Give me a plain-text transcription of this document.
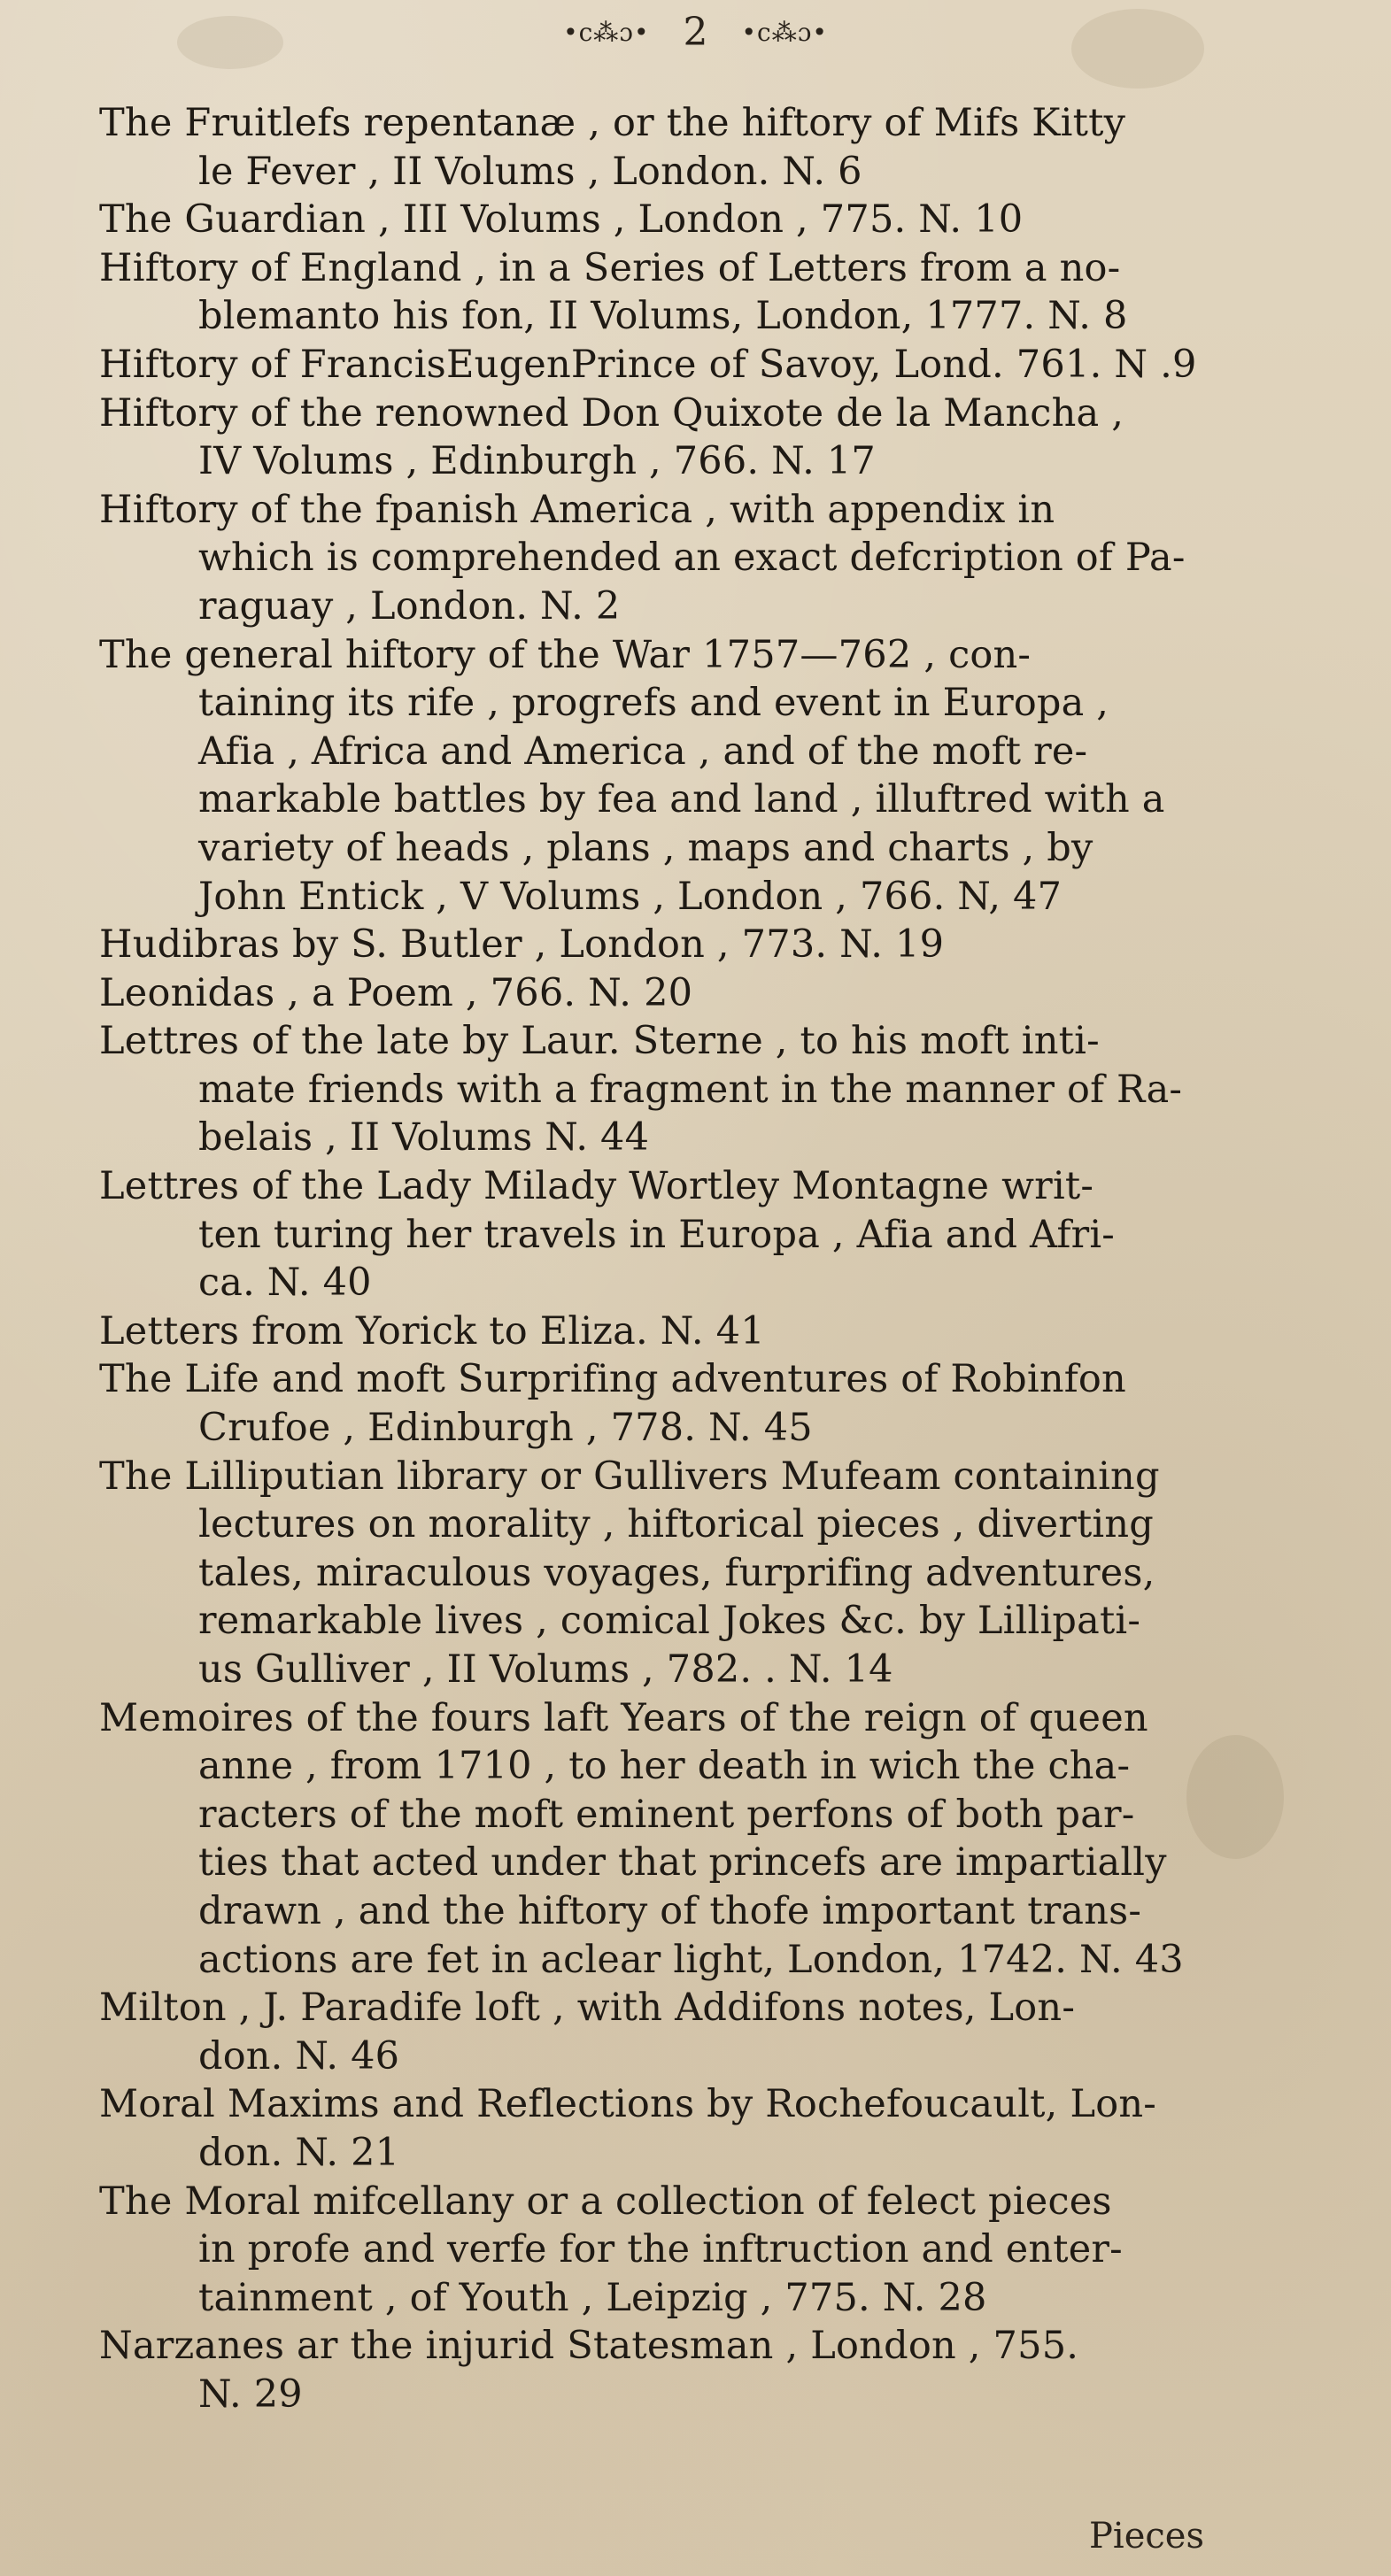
•c⁂ɔ• 2 •c⁂ɔ•
The Fruitlefs repentanæ , or the hiftory of Mifs Kitty
le Fever , II Volums , London. N. 6
The Guardian , III Volums , London , 775. N. 10
Hiftory of England , in a Series of Letters from a no-
blemanto his fon, II Volums, London, 1777. N. 8
Hiftory of FrancisEugenPrince of Savoy, Lond. 761. N .9
Hiftory of the renowned Don Quixote de la Mancha ,
IV Volums , Edinburgh , 766. N. 17
Hiftory of the fpanish America , with appendix in
which is comprehended an exact defcription of Pa-
raguay , London. N. 2
The general hiftory of the War 1757—762 , con-
taining its rife , progrefs and event in Europa ,
Afia , Africa and America , and of the moft re-
markable battles by fea and land , illuftred with a
variety of heads , plans , maps and charts , by
John Entick , V Volums , London , 766. N, 47
Hudibras by S. Butler , London , 773. N. 19
Leonidas , a Poem , 766. N. 20
Lettres of the late by Laur. Sterne , to his moft inti-
mate friends with a fragment in the manner of Ra-
belais , II Volums N. 44
Lettres of the Lady Milady Wortley Montagne writ-
ten turing her travels in Europa , Afia and Afri-
ca. N. 40
Letters from Yorick to Eliza. N. 41
The Life and moft Surprifing adventures of Robinfon
Crufoe , Edinburgh , 778. N. 45
The Lilliputian library or Gullivers Mufeam containing
lectures on morality , hiftorical pieces , diverting
tales, miraculous voyages, furprifing adventures,
remarkable lives , comical Jokes &c. by Lillipati-
us Gulliver , II Volums , 782. . N. 14
Memoires of the fours laft Years of the reign of queen
anne , from 1710 , to her death in wich the cha-
racters of the moft eminent perfons of both par-
ties that acted under that princefs are impartially
drawn , and the hiftory of thofe important trans-
actions are fet in aclear light, London, 1742. N. 43
Milton , J. Paradife loft , with Addifons notes, Lon-
don. N. 46
Moral Maxims and Reflections by Rochefoucault, Lon-
don. N. 21
The Moral mifcellany or a collection of felect pieces
in profe and verfe for the inftruction and enter-
tainment , of Youth , Leipzig , 775. N. 28
Narzanes ar the injurid Statesman , London , 755.
N. 29
Pieces
